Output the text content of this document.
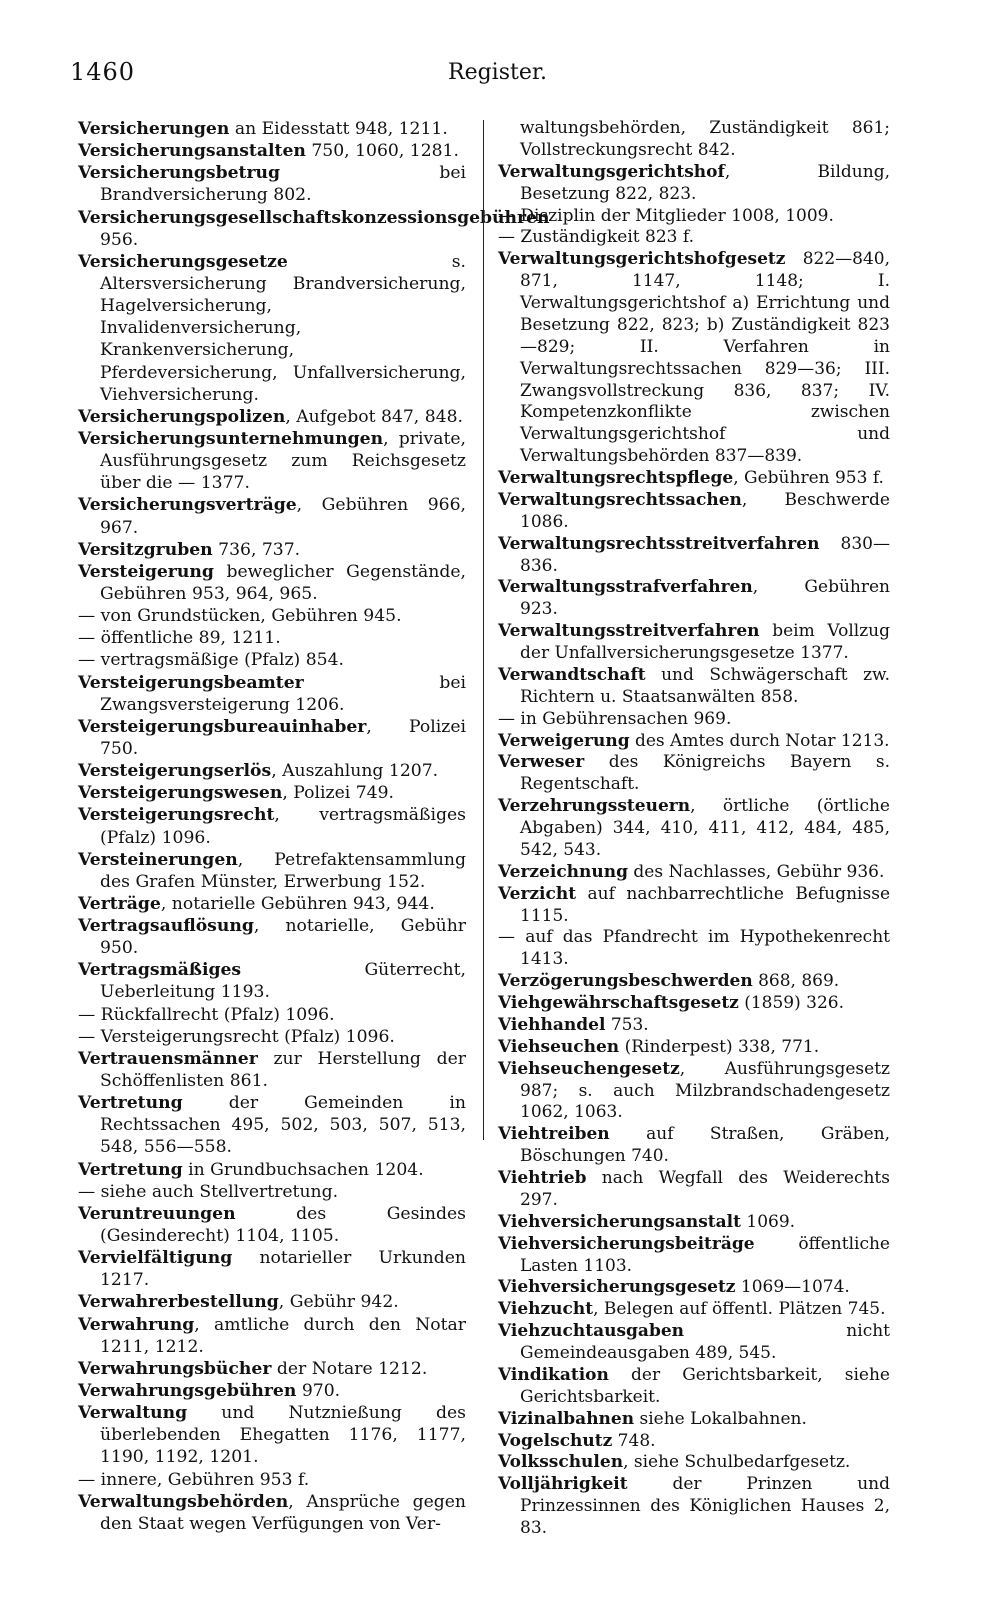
1460	Register.

Versicherungen an Eidesstatt 948, 1211.

Versicherungsanstalten 750, 1060, 1281.

Versicherungsbetrug bei Brandversicherung 802.

Versicherungsgesellschaftskonzessionsgebühren 956.

Versicherungsgesetze s. Altersversicherung Brandversicherung, Hagelversicherung, Invalidenversicherung, Krankenversicherung, Pferdeversicherung, Unfallversicherung, Viehversicherung.

Versicherungspolizen, Aufgebot 847, 848.

Versicherungsunternehmungen, private, Ausführungsgesetz zum Reichsgesetz über die — 1377.

Versicherungsverträge, Gebühren 966, 967.

Versitzgruben 736, 737.

Versteigerung beweglicher Gegenstände, Gebühren 953, 964, 965.

— von Grundstücken, Gebühren 945.

— öffentliche 89, 1211.

— vertragsmäßige (Pfalz) 854.

Versteigerungsbeamter bei Zwangsversteigerung 1206.

Versteigerungsbureauinhaber, Polizei 750.

Versteigerungserlös, Auszahlung 1207.

Versteigerungswesen, Polizei 749.

Versteigerungsrecht, vertragsmäßiges (Pfalz) 1096.

Versteinerungen, Petrefaktensammlung des Grafen Münster, Erwerbung 152.

Verträge, notarielle Gebühren 943, 944.

Vertragsauflösung, notarielle, Gebühr 950.

Vertragsmäßiges Güterrecht, Ueberleitung 1193.

— Rückfallrecht (Pfalz) 1096.

— Versteigerungsrecht (Pfalz) 1096.

Vertrauensmänner zur Herstellung der Schöffenlisten 861.

Vertretung der Gemeinden in Rechtssachen 495, 502, 503, 507, 513, 548, 556—558.

Vertretung in Grundbuchsachen 1204.

— siehe auch Stellvertretung.

Veruntreuungen des Gesindes (Gesinderecht) 1104, 1105.

Vervielfältigung notarieller Urkunden 1217.

Verwahrerbestellung, Gebühr 942.

Verwahrung, amtliche durch den Notar 1211, 1212.

Verwahrungsbücher der Notare 1212.

Verwahrungsgebühren 970.

Verwaltung und Nutznießung des überlebenden Ehegatten 1176, 1177, 1190, 1192, 1201.

— innere, Gebühren 953 f.

Verwaltungsbehörden, Ansprüche gegen den Staat wegen Verfügungen von Ver-

waltungsbehörden, Zuständigkeit 861; Vollstreckungsrecht 842.

Verwaltungsgerichtshof, Bildung, Besetzung 822, 823.

— Disziplin der Mitglieder 1008, 1009.

— Zuständigkeit 823 f.

Verwaltungsgerichtshofgesetz 822—840, 871, 1147, 1148; I. Verwaltungsgerichtshof a) Errichtung und Besetzung 822, 823; b) Zuständigkeit 823—829; II. Verfahren in Verwaltungsrechtssachen 829—36; III. Zwangsvollstreckung 836, 837; IV. Kompetenzkonflikte zwischen Verwaltungsgerichtshof und Verwaltungsbehörden 837—839.

Verwaltungsrechtspflege, Gebühren 953 f.

Verwaltungsrechtssachen, Beschwerde 1086.

Verwaltungsrechtsstreitverfahren 830—836.

Verwaltungsstrafverfahren, Gebühren 923.

Verwaltungsstreitverfahren beim Vollzug der Unfallversicherungsgesetze 1377.

Verwandtschaft und Schwägerschaft zw. Richtern u. Staatsanwälten 858.

— in Gebührensachen 969.

Verweigerung des Amtes durch Notar 1213.

Verweser des Königreichs Bayern s. Regentschaft.

Verzehrungssteuern, örtliche (örtliche Abgaben) 344, 410, 411, 412, 484, 485, 542, 543.

Verzeichnung des Nachlasses, Gebühr 936.

Verzicht auf nachbarrechtliche Befugnisse 1115.

— auf das Pfandrecht im Hypothekenrecht 1413.

Verzögerungsbeschwerden 868, 869.

Viehgewährschaftsgesetz (1859) 326.

Viehhandel 753.

Viehseuchen (Rinderpest) 338, 771.

Viehseuchengesetz, Ausführungsgesetz 987; s. auch Milzbrandschadengesetz 1062, 1063.

Viehtreiben auf Straßen, Gräben, Böschungen 740.

Viehtrieb nach Wegfall des Weiderechts 297.

Viehversicherungsanstalt 1069.

Viehversicherungsbeiträge öffentliche Lasten 1103.

Viehversicherungsgesetz 1069—1074.

Viehzucht, Belegen auf öffentl. Plätzen 745.

Viehzuchtausgaben nicht Gemeindeausgaben 489, 545.

Vindikation der Gerichtsbarkeit, siehe Gerichtsbarkeit.

Vizinalbahnen siehe Lokalbahnen.

Vogelschutz 748.

Volksschulen, siehe Schulbedarfgesetz.

Volljährigkeit der Prinzen und Prinzessinnen des Königlichen Hauses 2, 83.
